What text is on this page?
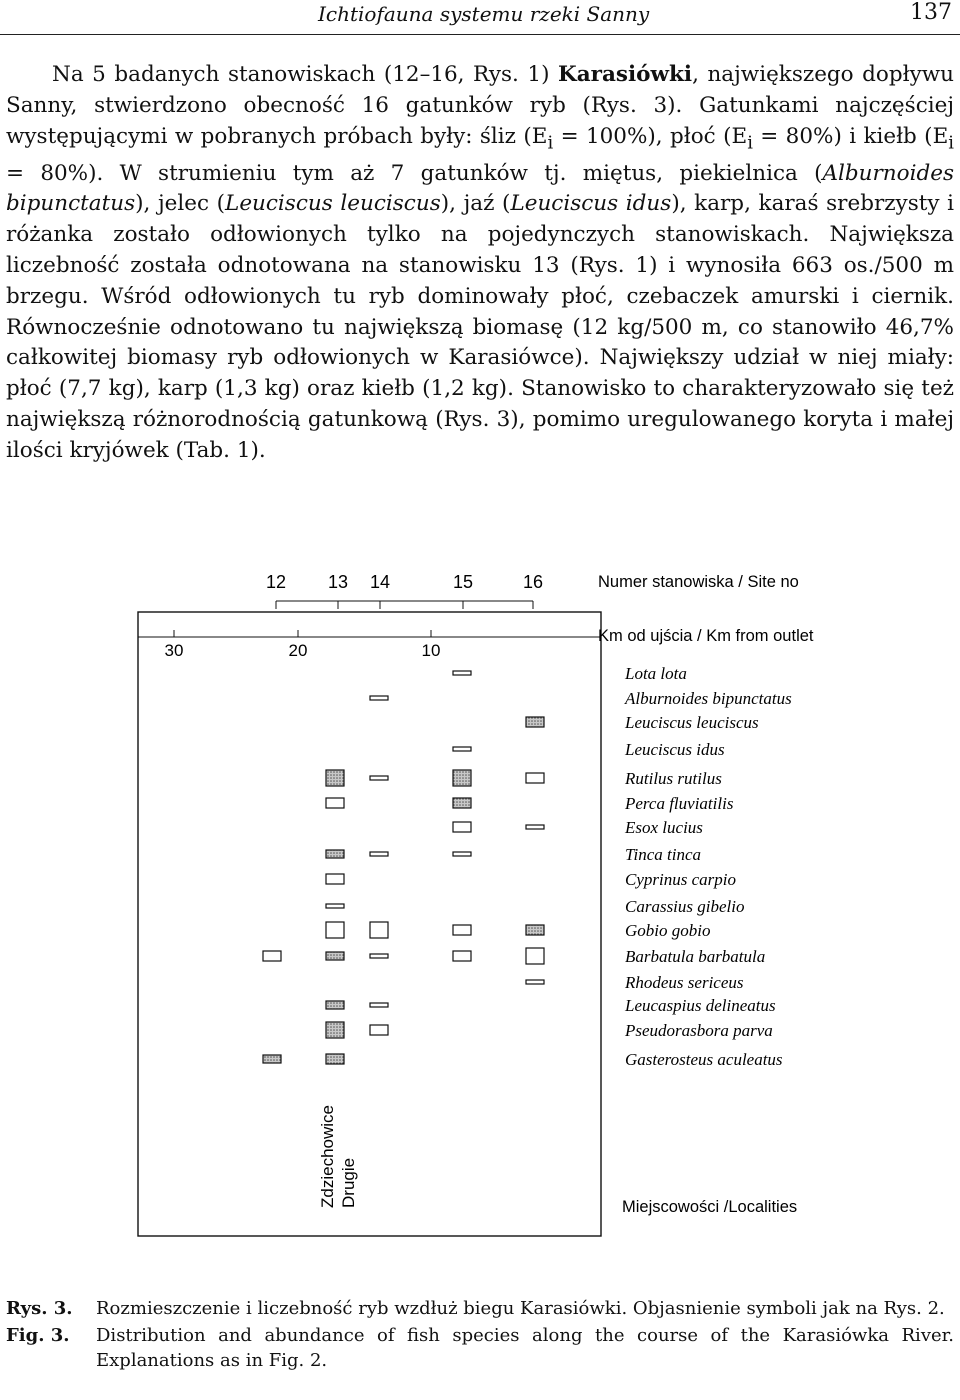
Ichtiofauna systemu rzeki Sanny	137

Na 5 badanych stanowiskach (12–16, Rys. 1) Karasiówki, największego dopływu Sanny, stwierdzono obecność 16 gatunków ryb (Rys. 3). Gatunkami najczęściej występującymi w pobranych próbach były: śliz $(E_i = 100\%)$, płoć $(E_i = 80\%)$ i kiełb $(E_i = 80\%)$. W strumieniu tym aż 7 gatunków tj. miętus, piekielnica (Alburnoides bipunctatus), jelec (Leuciscus leuciscus), jaź (Leuciscus idus), karp, karaś srebrzysty i różanka zostało odłowionych tylko na pojedynczych stanowiskach. Największa liczebność została odnotowana na stanowisku 13 (Rys. 1) i wynosiła 663 os./500 m brzegu. Wśród odłowionych tu ryb dominowały płoć, czebaczek amurski i ciernik. Równocześnie odnotowano tu największą biomasę (12 kg/500 m, co stanowiło 46,7% całkowitej biomasy ryb odłowionych w Karasiówce). Największy udział w niej miały: płoć (7,7 kg), karp (1,3 kg) oraz kiełb (1,2 kg). Stanowisko to charakteryzowało się też największą różnorodnością gatunkową (Rys. 3), pomimo uregulowanego koryta i małej ilości kryjówek (Tab. 1).

12 13 14	15	16	Numer stanowiska / Site no
30	20	10
Km od ujścia / Km from outlet
Lota lota
Alburnoides bipunctatus
Leuciscus leuciscus
Leuciscus idus
Rutilus rutilus
Perca fluviatilis
Esox lucius
Tinca tinca
Cyprinus carpio
Carassius gibelio
Gobio gobio
Barbatula barbatula
Rhodeus sericeus
Leucaspius delineatus
Pseudorasbora parva
Gasterosteus aculeatus
Zdziechowice Drugie	Miejscowości /Localities
Rys. 3.	Rozmieszczenie i liczebność ryb wzdłuż biegu Karasiówki. Objasnienie symboli jak na Rys. 2.
Fig. 3.	Distribution and abundance of fish species along the course of the Karasiówka River. Explanations as in Fig. 2.
